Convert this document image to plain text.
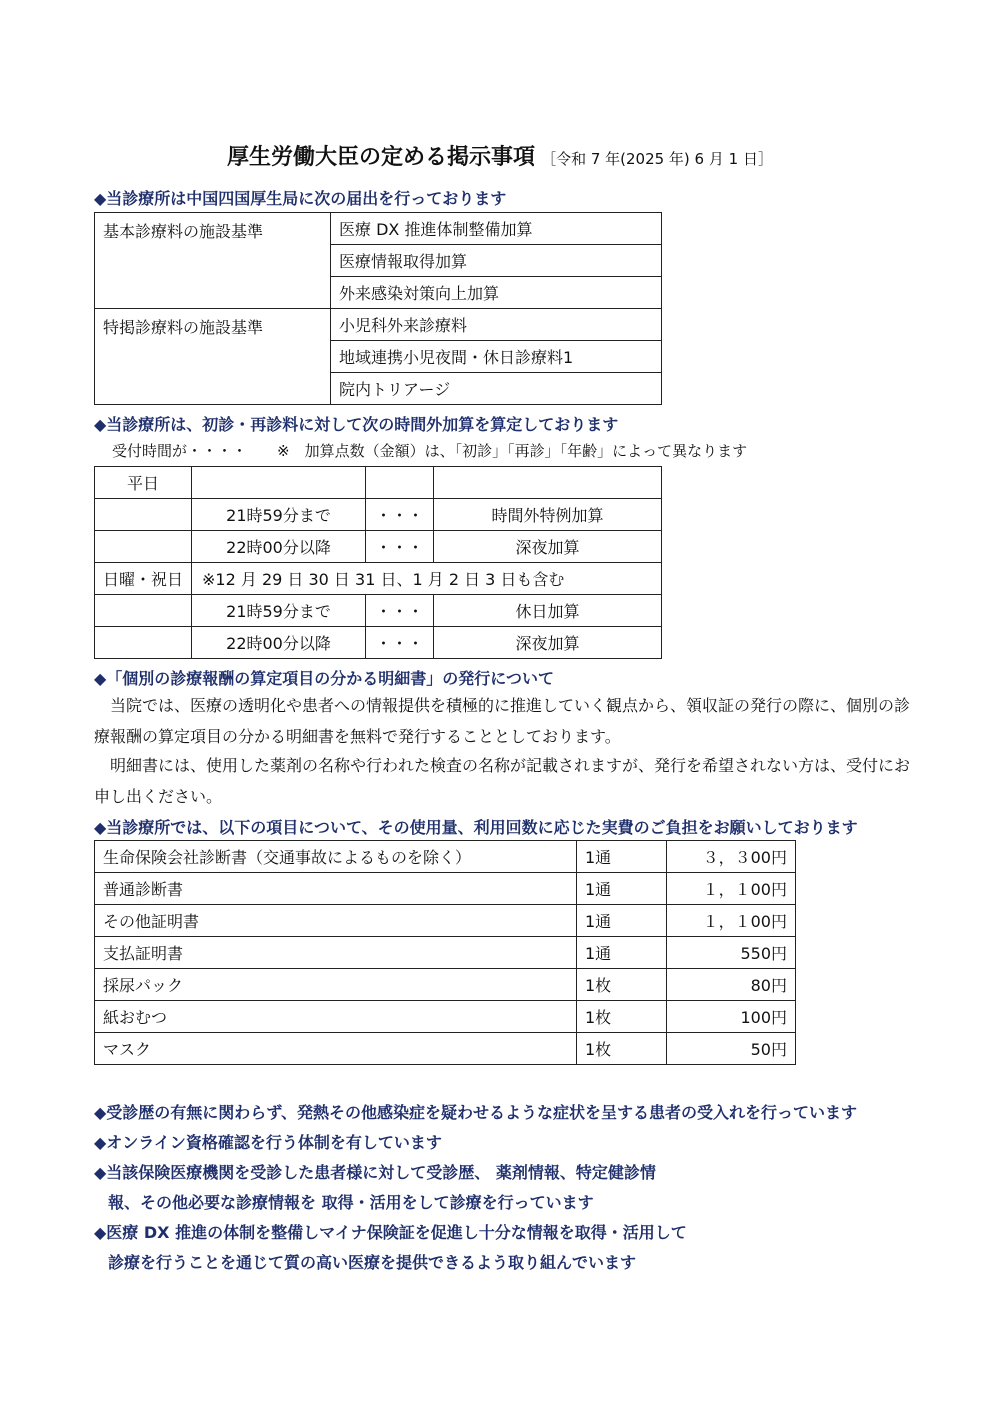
厚生労働大臣の定める掲示事項 ［令和 7 年(2025 年) 6 月 1 日］
◆当診療所は中国四国厚生局に次の届出を行っております
基本診療料の施設基準	医療 DX 推進体制整備加算
	医療情報取得加算
	外来感染対策向上加算
特掲診療料の施設基準	小児科外来診療料
	地域連携小児夜間・休日診療料1
	院内トリアージ
◆当診療所は、初診・再診料に対して次の時間外加算を算定しております
受付時間が・・・・　　※　加算点数（金額）は、「初診」「再診」「年齢」によって異なります
平日			
	21時59分まで	・・・	時間外特例加算
	22時00分以降	・・・	深夜加算
日曜・祝日	※12 月 29 日 30 日 31 日、1 月 2 日 3 日も含む		
	21時59分まで	・・・	休日加算
	22時00分以降	・・・	深夜加算
◆「個別の診療報酬の算定項目の分かる明細書」の発行について

当院では、医療の透明化や患者への情報提供を積極的に推進していく観点から、領収証の発行の際に、個別の診療報酬の算定項目の分かる明細書を無料で発行することとしております。

明細書には、使用した薬剤の名称や行われた検査の名称が記載されますが、発行を希望されない方は、受付にお申し出ください。

◆当診療所では、以下の項目について、その使用量、利用回数に応じた実費のご負担をお願いしております
生命保険会社診断書（交通事故によるものを除く）	1通	３，３00円
普通診断書	1通	１，１00円
その他証明書	1通	１，１00円
支払証明書	1通	550円
採尿パック	1枚	80円
紙おむつ	1枚	100円
マスク	1枚	50円
◆受診歴の有無に関わらず、発熱その他感染症を疑わせるような症状を呈する患者の受入れを行っています
◆オンライン資格確認を行う体制を有しています
◆当該保険医療機関を受診した患者様に対して受診歴、 薬剤情報、特定健診情
報、その他必要な診療情報を 取得・活用をして診療を行っています
◆医療 DX 推進の体制を整備しマイナ保険証を促進し十分な情報を取得・活用して
診療を行うことを通じて質の高い医療を提供できるよう取り組んでいます
